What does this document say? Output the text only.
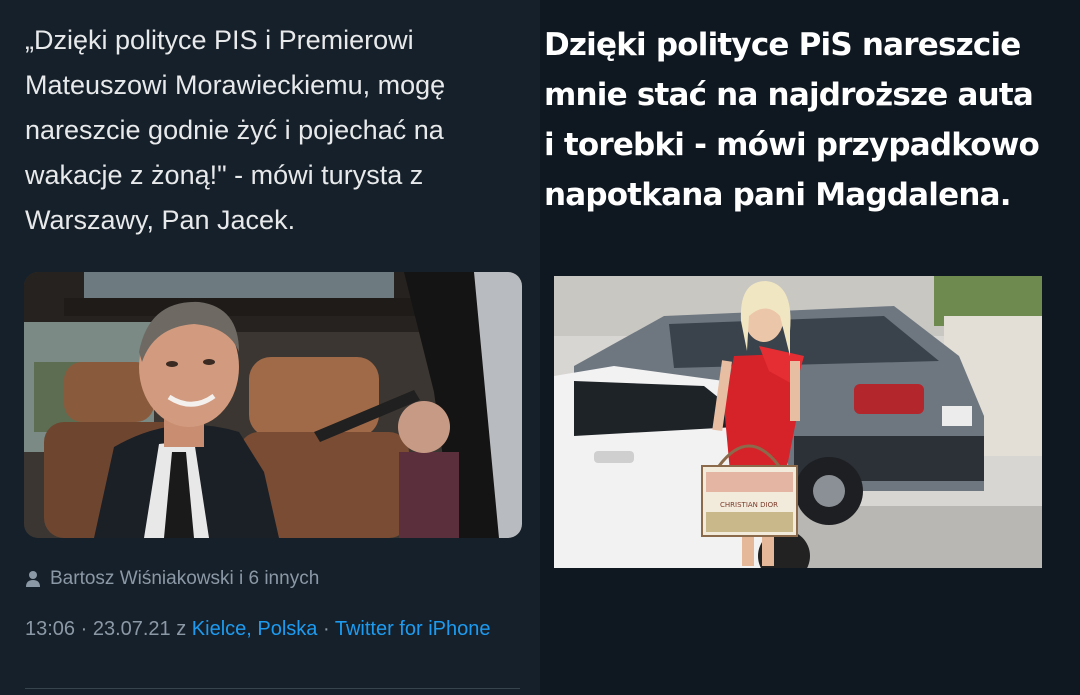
„Dzięki polityce PIS i Premierowi
Mateuszowi Morawieckiemu, mogę
nareszcie godnie żyć i pojechać na
wakacje z żoną!" - mówi turysta z
Warszawy, Pan Jacek.

Bartosz Wiśniakowski i 6 innych
13:06 · 23.07.21 z Kielce, Polska · Twitter for iPhone

Dzięki polityce PiS nareszcie
mnie stać na najdroższe auta
i torebki - mówi przypadkowo
napotkana pani Magdalena.

CHRISTIAN DIOR
